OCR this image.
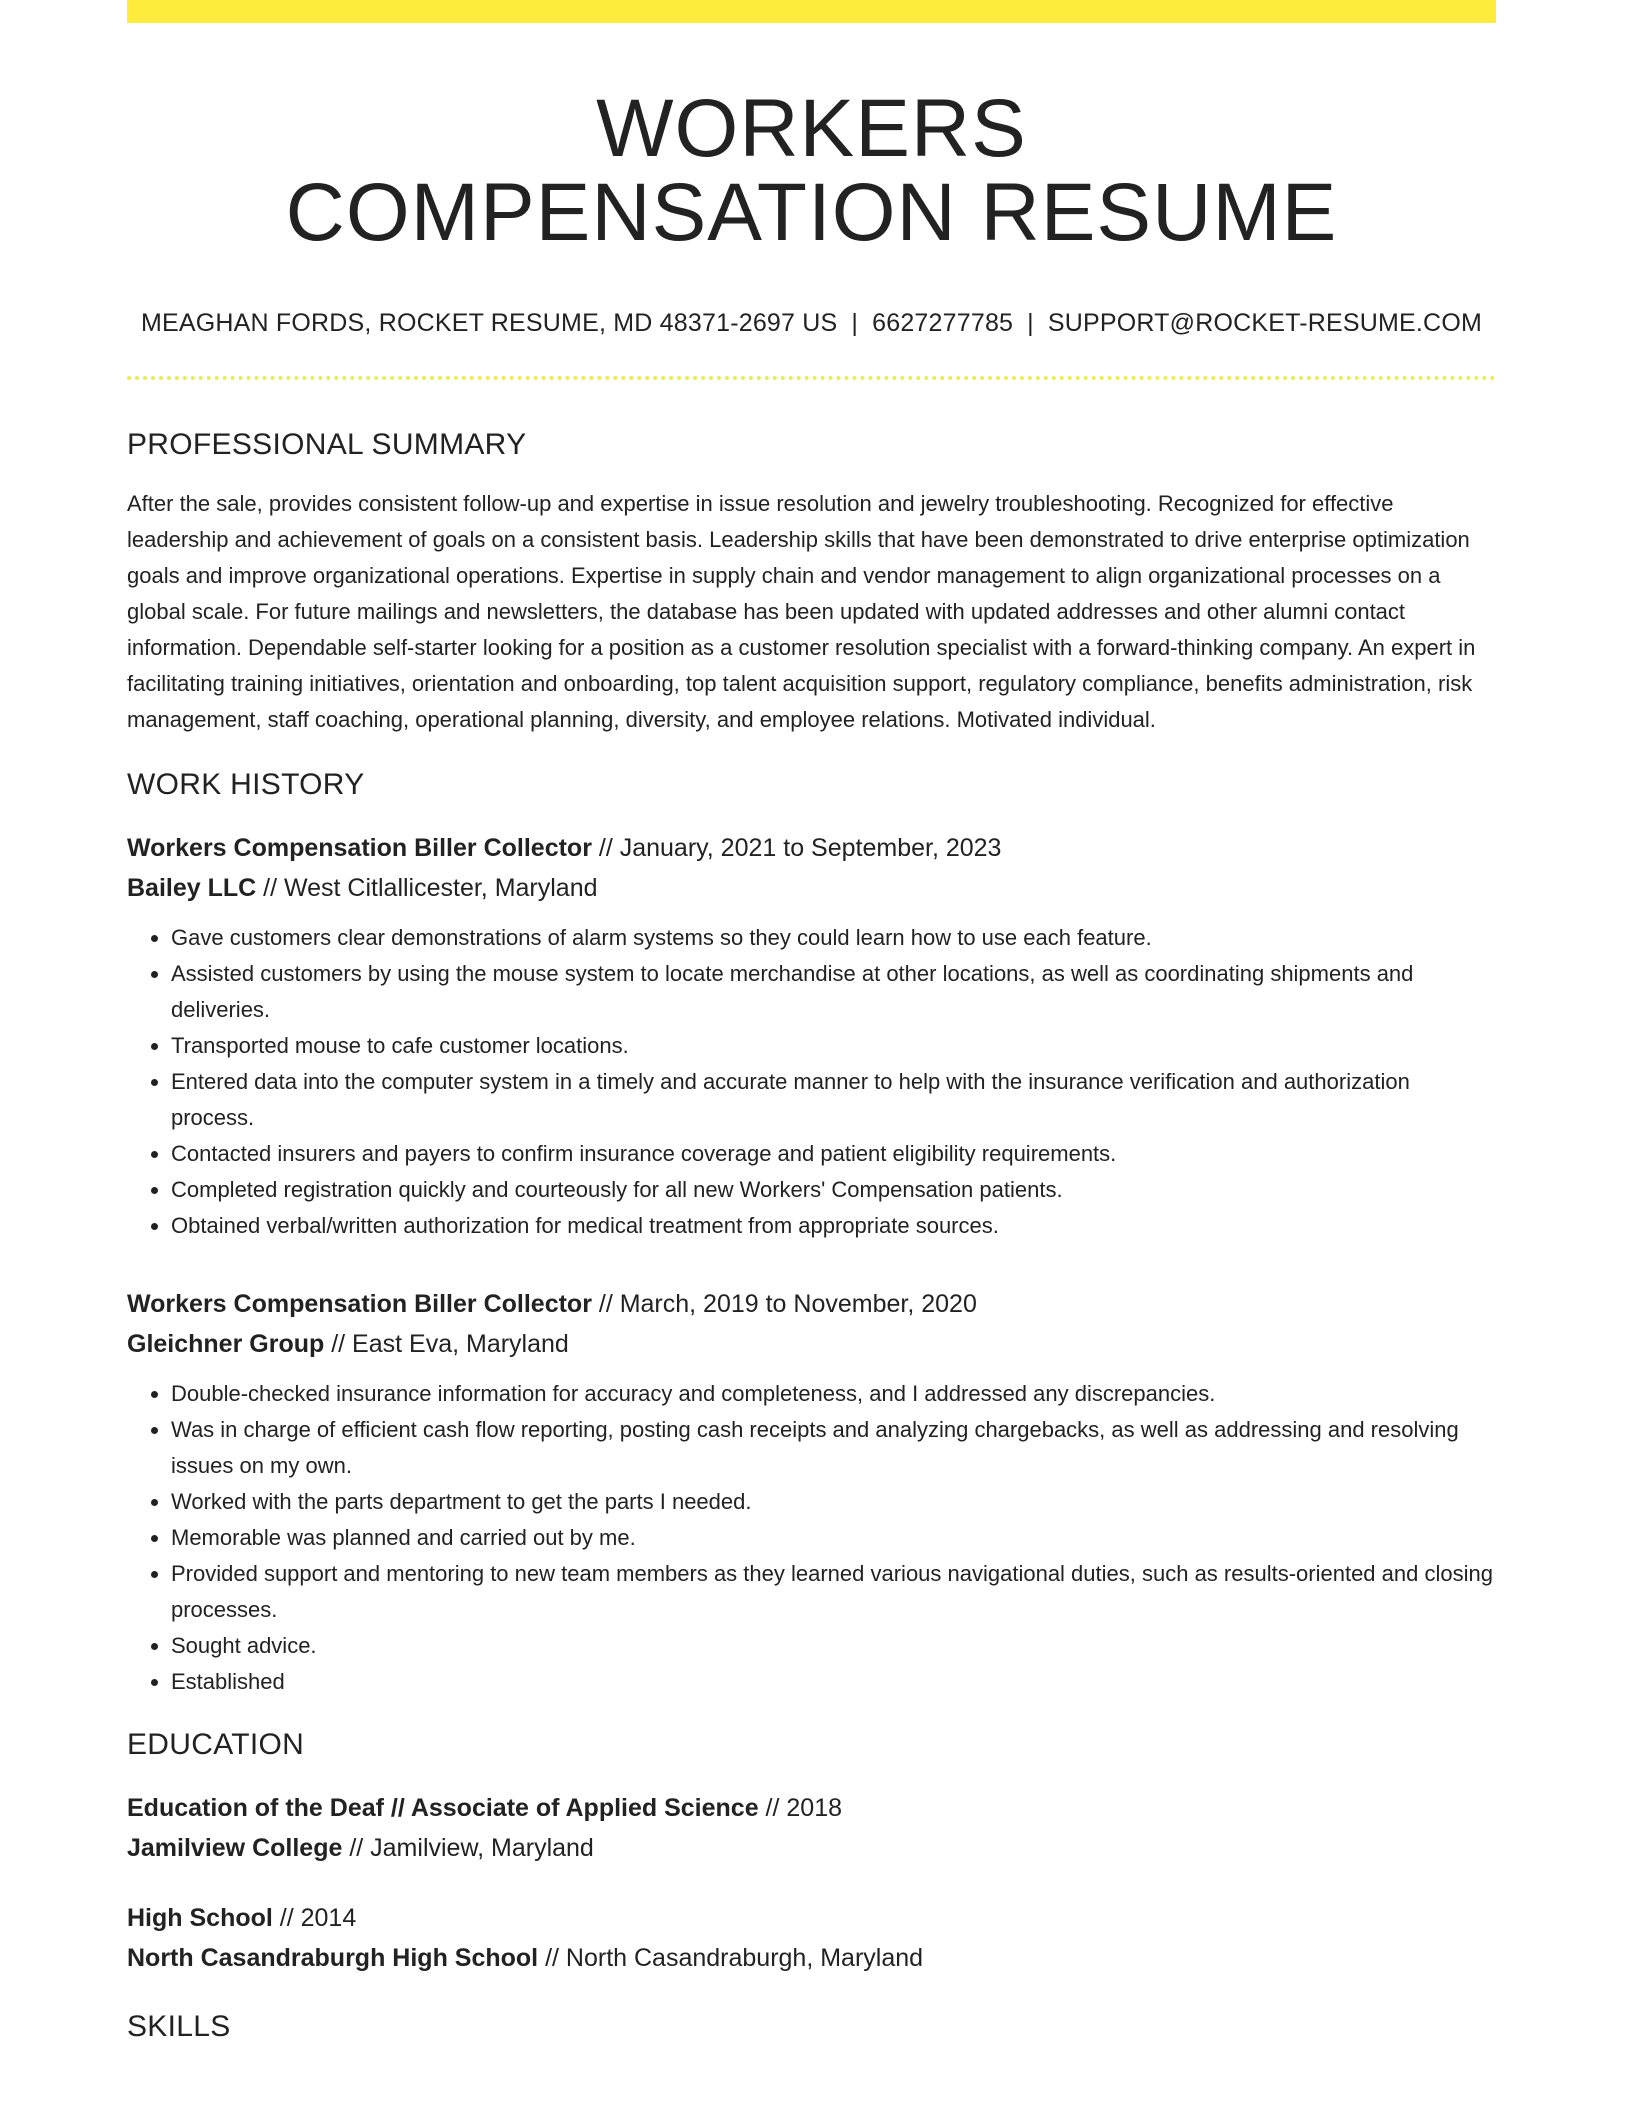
WORKERS
COMPENSATION RESUME
MEAGHAN FORDS, ROCKET RESUME, MD 48371-2697 US | 6627277785 | SUPPORT@ROCKET-RESUME.COM
PROFESSIONAL SUMMARY

After the sale, provides consistent follow-up and expertise in issue resolution and jewelry troubleshooting. Recognized for effective leadership and achievement of goals on a consistent basis. Leadership skills that have been demonstrated to drive enterprise optimization goals and improve organizational operations. Expertise in supply chain and vendor management to align organizational processes on a global scale. For future mailings and newsletters, the database has been updated with updated addresses and other alumni contact information. Dependable self-starter looking for a position as a customer resolution specialist with a forward-thinking company. An expert in facilitating training initiatives, orientation and onboarding, top talent acquisition support, regulatory compliance, benefits administration, risk management, staff coaching, operational planning, diversity, and employee relations. Motivated individual.

WORK HISTORY
Workers Compensation Biller Collector // January, 2021 to September, 2023
Bailey LLC // West Citlallicester, Maryland
• Gave customers clear demonstrations of alarm systems so they could learn how to use each feature.
• Assisted customers by using the mouse system to locate merchandise at other locations, as well as coordinating shipments and deliveries.
• Transported mouse to cafe customer locations.
• Entered data into the computer system in a timely and accurate manner to help with the insurance verification and authorization process.
• Contacted insurers and payers to confirm insurance coverage and patient eligibility requirements.
• Completed registration quickly and courteously for all new Workers' Compensation patients.
• Obtained verbal/written authorization for medical treatment from appropriate sources.
Workers Compensation Biller Collector // March, 2019 to November, 2020
Gleichner Group // East Eva, Maryland
• Double-checked insurance information for accuracy and completeness, and I addressed any discrepancies.
• Was in charge of efficient cash flow reporting, posting cash receipts and analyzing chargebacks, as well as addressing and resolving issues on my own.
• Worked with the parts department to get the parts I needed.
• Memorable was planned and carried out by me.
• Provided support and mentoring to new team members as they learned various navigational duties, such as results-oriented and closing processes.
• Sought advice.
• Established
EDUCATION
Education of the Deaf // Associate of Applied Science // 2018
Jamilview College // Jamilview, Maryland
High School // 2014
North Casandraburgh High School // North Casandraburgh, Maryland
SKILLS
